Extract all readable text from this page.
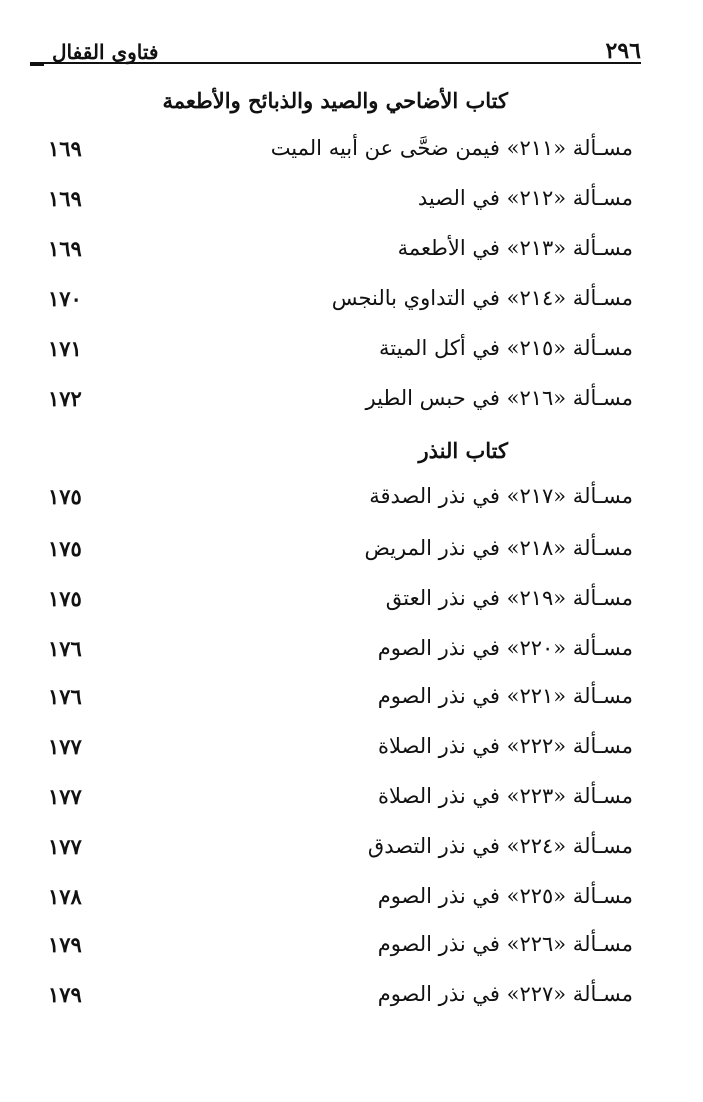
٢٩٦
فتاوى القفال
كتاب الأضاحي والصيد والذبائح والأطعمة
مسـألة «٢١١» فيمن ضحَّى عن أبيه الميت
١٦٩
مسـألة «٢١٢» في الصيد
١٦٩
مسـألة «٢١٣» في الأطعمة
١٦٩
مسـألة «٢١٤» في التداوي بالنجس
١٧٠
مسـألة «٢١٥» في أكل الميتة
١٧١
مسـألة «٢١٦» في حبس الطير
١٧٢
كتاب النذر
مسـألة «٢١٧» في نذر الصدقة
١٧٥
مسـألة «٢١٨» في نذر المريض
١٧٥
مسـألة «٢١٩» في نذر العتق
١٧٥
مسـألة «٢٢٠» في نذر الصوم
١٧٦
مسـألة «٢٢١» في نذر الصوم
١٧٦
مسـألة «٢٢٢» في نذر الصلاة
١٧٧
مسـألة «٢٢٣» في نذر الصلاة
١٧٧
مسـألة «٢٢٤» في نذر التصدق
١٧٧
مسـألة «٢٢٥» في نذر الصوم
١٧٨
مسـألة «٢٢٦» في نذر الصوم
١٧٩
مسـألة «٢٢٧» في نذر الصوم
١٧٩
